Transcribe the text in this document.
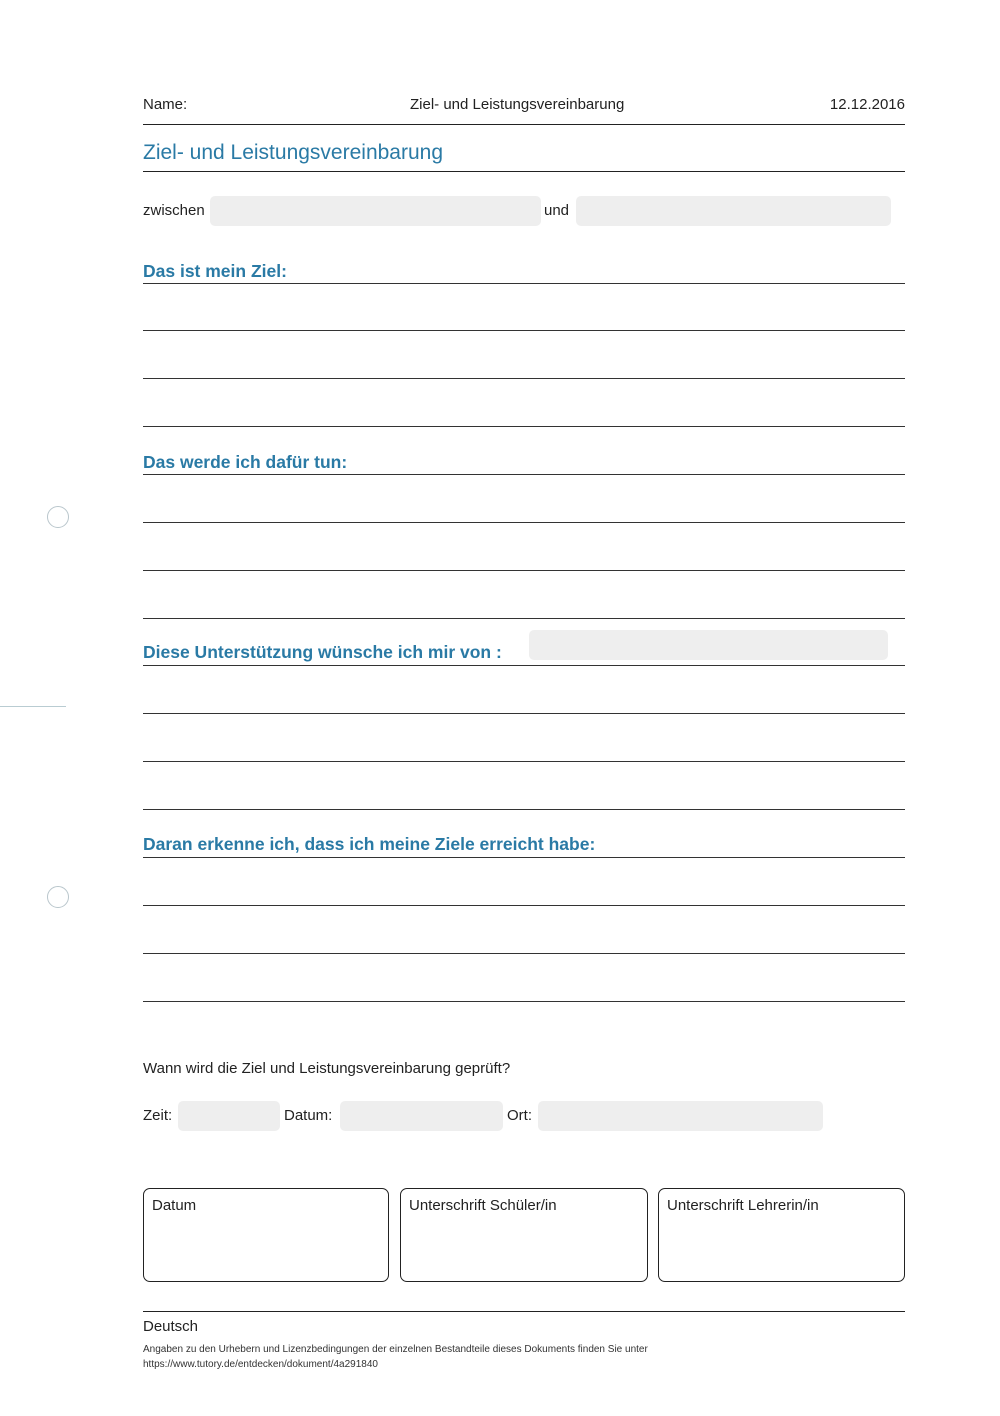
Name:	Ziel- und Leistungsvereinbarung	12.12.2016
Ziel- und Leistungsvereinbarung
zwischen	und
Das ist mein Ziel:
Das werde ich dafür tun:
Diese Unterstützung wünsche ich mir von :
Daran erkenne ich, dass ich meine Ziele erreicht habe:
Wann wird die Ziel und Leistungsvereinbarung geprüft?
Zeit:	Datum:	Ort:
Datum	Unterschrift Schüler/in	Unterschrift Lehrerin/in
Deutsch
Angaben zu den Urhebern und Lizenzbedingungen der einzelnen Bestandteile dieses Dokuments finden Sie unter
https://www.tutory.de/entdecken/dokument/4a291840
